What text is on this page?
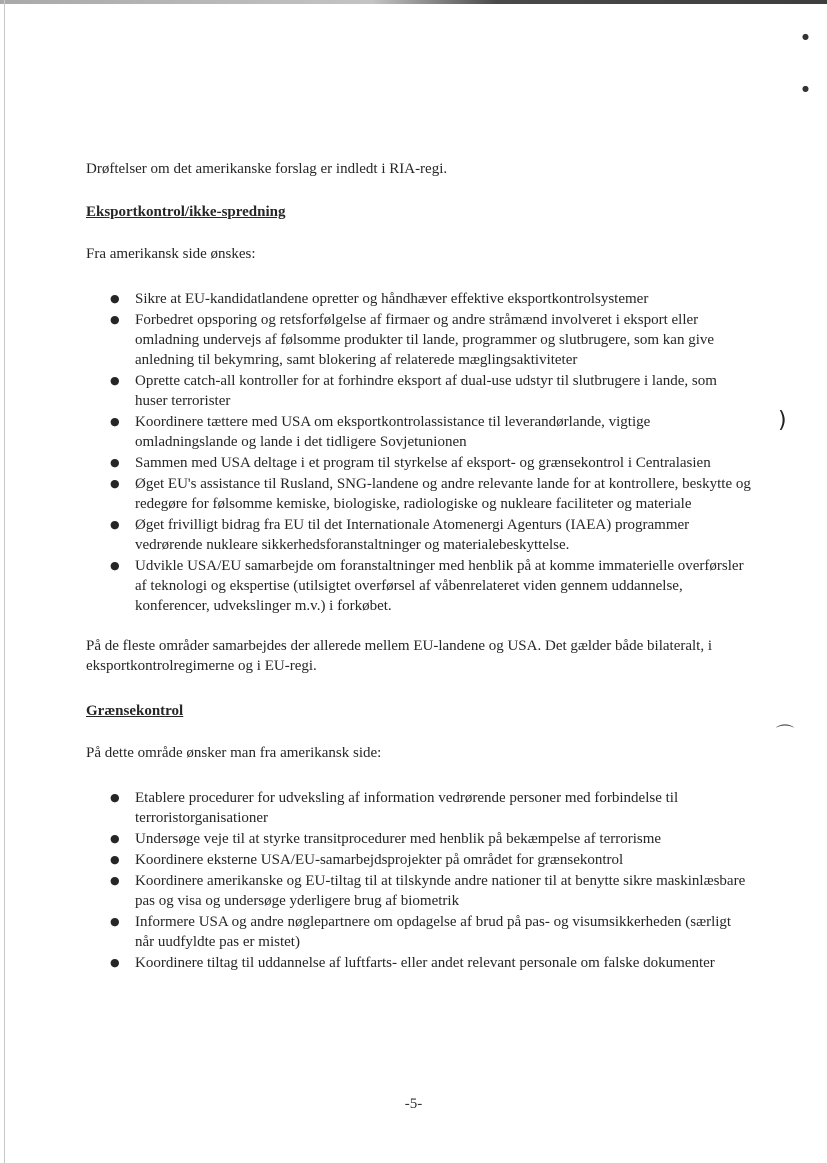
●
●
)
⌒

Drøftelser om det amerikanske forslag er indledt i RIA-regi.

Eksportkontrol/ikke-spredning

Fra amerikansk side ønskes:

● Sikre at EU-kandidatlandene opretter og håndhæver effektive eksportkontrolsystemer
● Forbedret opsporing og retsforfølgelse af firmaer og andre stråmænd involveret i eksport eller omladning undervejs af følsomme produkter til lande, programmer og slutbrugere, som kan give anledning til bekymring, samt blokering af relaterede mæglingsaktiviteter
● Oprette catch-all kontroller for at forhindre eksport af dual-use udstyr til slutbrugere i lande, som huser terrorister
● Koordinere tættere med USA om eksportkontrolassistance til leverandørlande, vigtige omladningslande og lande i det tidligere Sovjetunionen
● Sammen med USA deltage i et program til styrkelse af eksport- og grænsekontrol i Centralasien
● Øget EU's assistance til Rusland, SNG-landene og andre relevante lande for at kontrollere, beskytte og redegøre for følsomme kemiske, biologiske, radiologiske og nukleare faciliteter og materiale
● Øget frivilligt bidrag fra EU til det Internationale Atomenergi Agenturs (IAEA) programmer vedrørende nukleare sikkerhedsforanstaltninger og materialebeskyttelse.
● Udvikle USA/EU samarbejde om foranstaltninger med henblik på at komme immaterielle overførsler af teknologi og ekspertise (utilsigtet overførsel af våbenrelateret viden gennem uddannelse, konferencer, udvekslinger m.v.) i forkøbet.

På de fleste områder samarbejdes der allerede mellem EU-landene og USA. Det gælder både bilateralt, i eksportkontrolregimerne og i EU-regi.

Grænsekontrol

På dette område ønsker man fra amerikansk side:

● Etablere procedurer for udveksling af information vedrørende personer med forbindelse til terroristorganisationer
● Undersøge veje til at styrke transitprocedurer med henblik på bekæmpelse af terrorisme
● Koordinere eksterne USA/EU-samarbejdsprojekter på området for grænsekontrol
● Koordinere amerikanske og EU-tiltag til at tilskynde andre nationer til at benytte sikre maskinlæsbare pas og visa og undersøge yderligere brug af biometrik
● Informere USA og andre nøglepartnere om opdagelse af brud på pas- og visumsikkerheden (særligt når uudfyldte pas er mistet)
● Koordinere tiltag til uddannelse af luftfarts- eller andet relevant personale om falske dokumenter
-5-
